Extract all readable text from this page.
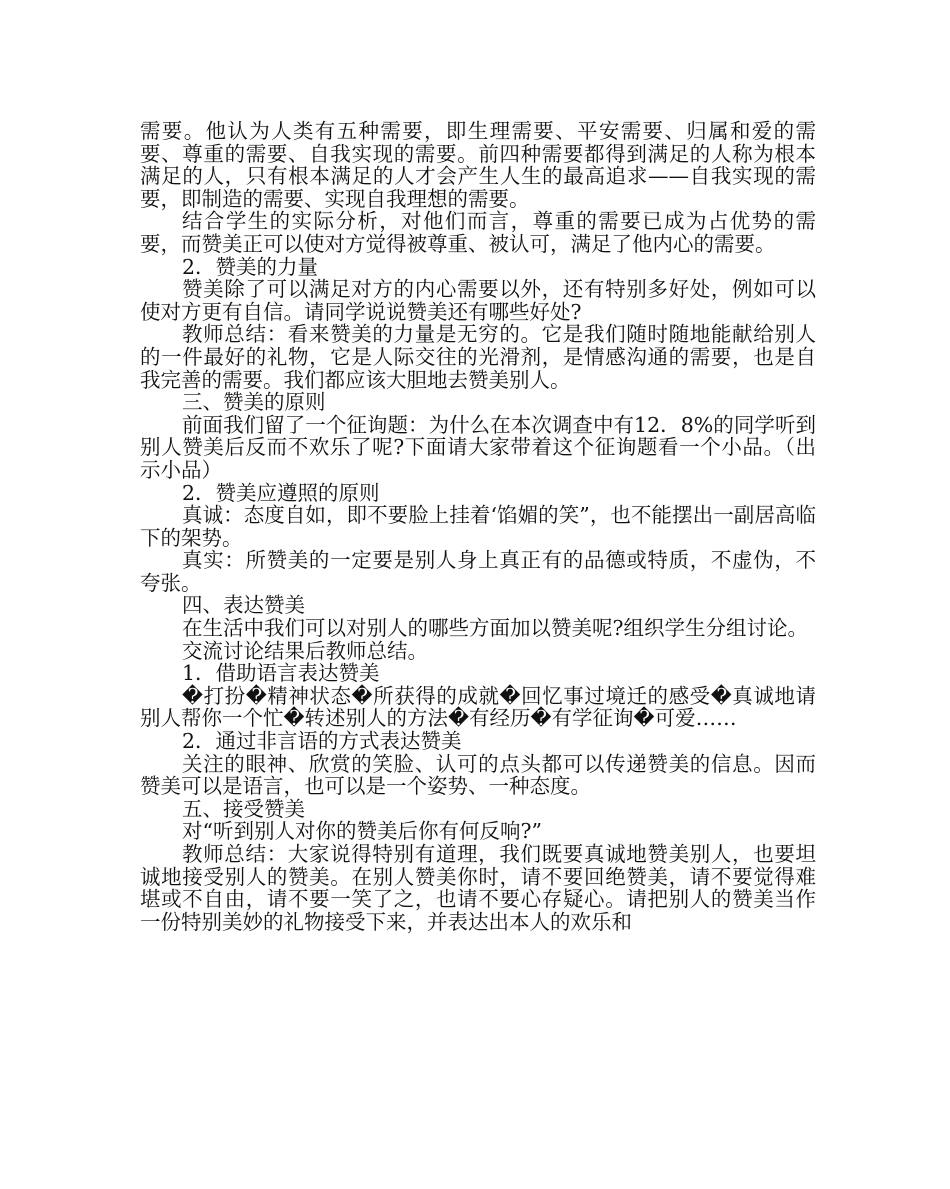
需要。他认为人类有五种需要，即生理需要、平安需要、归属和爱的需要、尊重的需要、自我实现的需要。前四种需要都得到满足的人称为根本满足的人，只有根本满足的人才会产生人生的最高追求——自我实现的需要，即制造的需要、实现自我理想的需要。

结合学生的实际分析，对他们而言，尊重的需要已成为占优势的需要，而赞美正可以使对方觉得被尊重、被认可，满足了他内心的需要。

2．赞美的力量

赞美除了可以满足对方的内心需要以外，还有特别多好处，例如可以使对方更有自信。请同学说说赞美还有哪些好处?

教师总结：看来赞美的力量是无穷的。它是我们随时随地能献给别人的一件最好的礼物，它是人际交往的光滑剂，是情感沟通的需要，也是自我完善的需要。我们都应该大胆地去赞美别人。

三、赞美的原则

前面我们留了一个征询题：为什么在本次调查中有12．8%的同学听到别人赞美后反而不欢乐了呢?下面请大家带着这个征询题看一个小品。（出示小品）

2．赞美应遵照的原则

真诚：态度自如，即不要脸上挂着‘馅媚的笑”，也不能摆出一副居高临下的架势。

真实：所赞美的一定要是别人身上真正有的品德或特质，不虚伪，不夸张。

四、表达赞美

在生活中我们可以对别人的哪些方面加以赞美呢?组织学生分组讨论。

交流讨论结果后教师总结。

1．借助语言表达赞美

�打扮�精神状态�所获得的成就�回忆事过境迁的感受�真诚地请别人帮你一个忙�转述别人的方法�有经历�有学征询�可爱……

2．通过非言语的方式表达赞美

关注的眼神、欣赏的笑脸、认可的点头都可以传递赞美的信息。因而赞美可以是语言，也可以是一个姿势、一种态度。

五、接受赞美

对“听到别人对你的赞美后你有何反响?”

教师总结：大家说得特别有道理，我们既要真诚地赞美别人，也要坦诚地接受别人的赞美。在别人赞美你时，请不要回绝赞美，请不要觉得难堪或不自由，请不要一笑了之，也请不要心存疑心。请把别人的赞美当作一份特别美妙的礼物接受下来，并表达出本人的欢乐和
